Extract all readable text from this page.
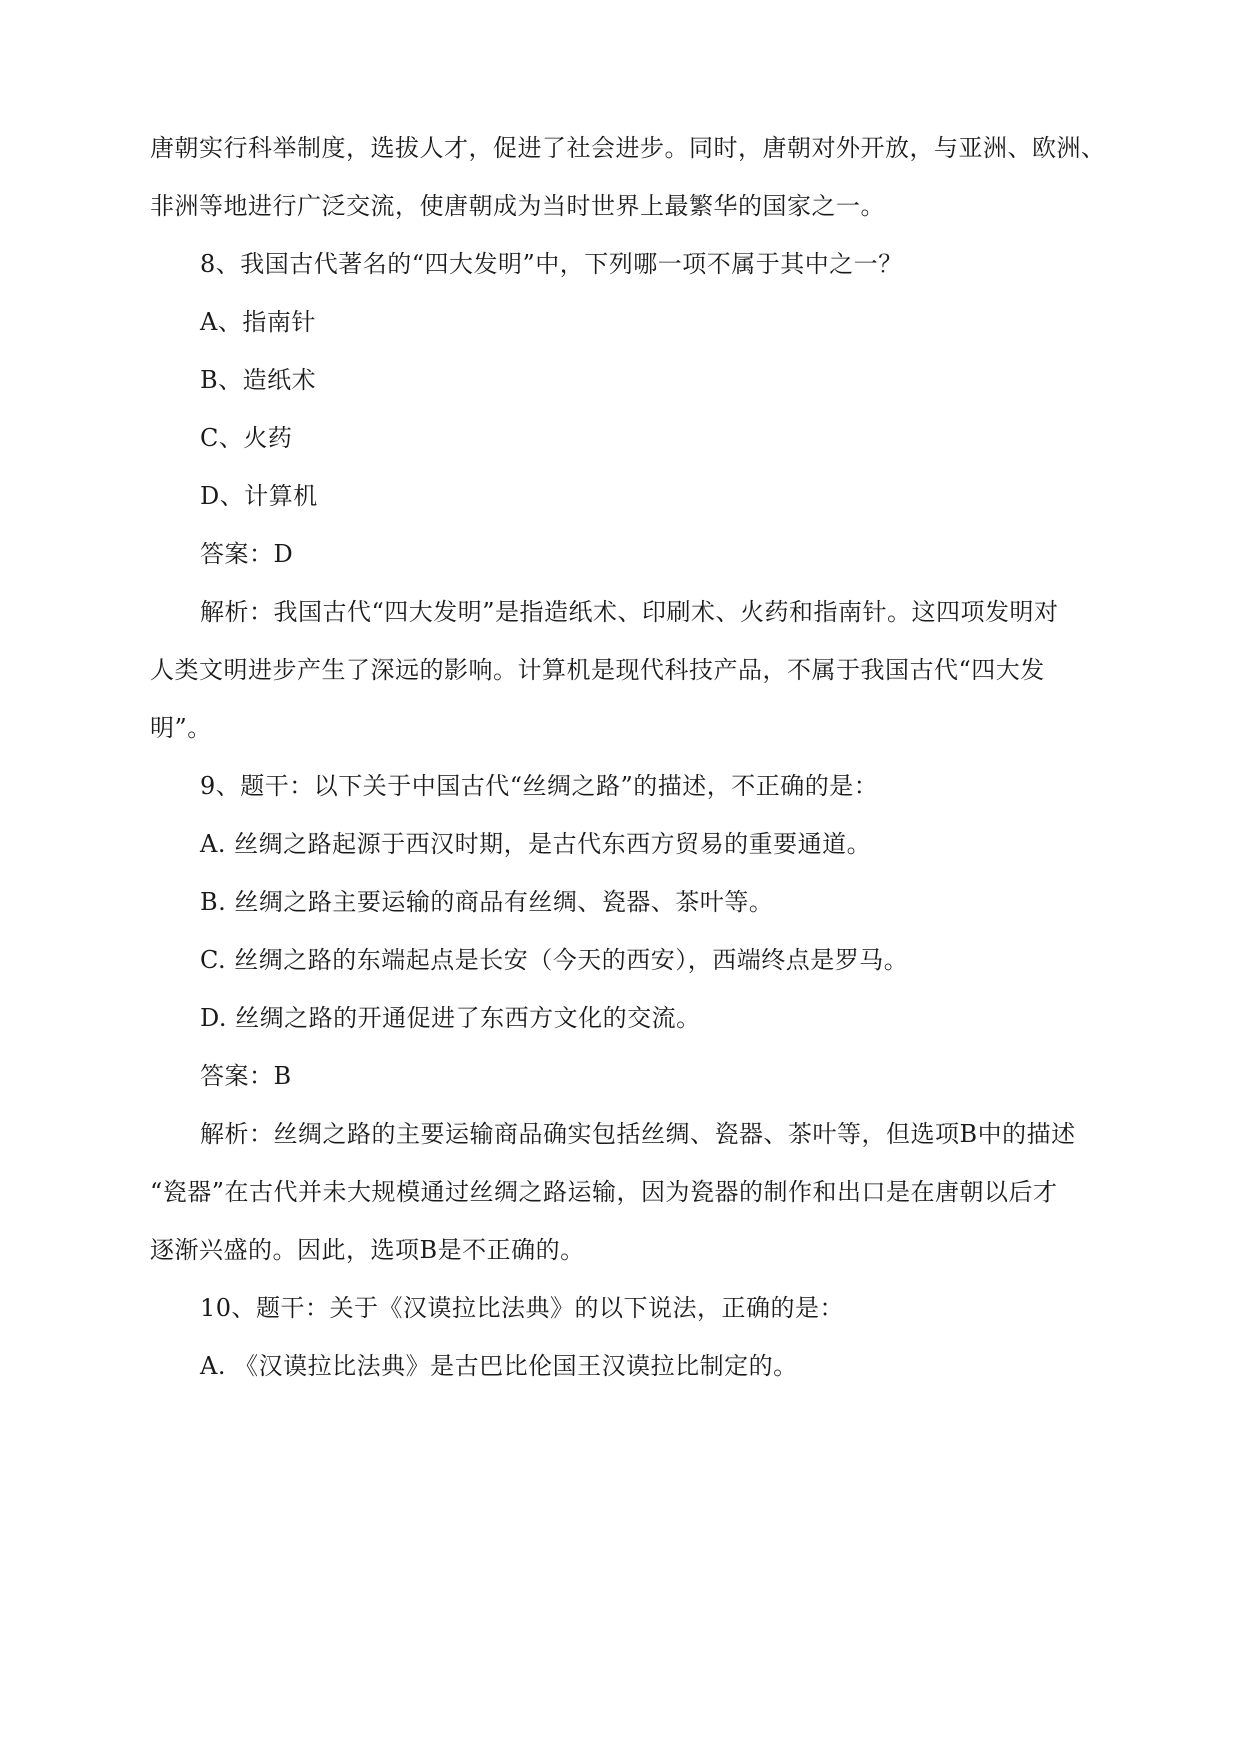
唐朝实行科举制度，选拔人才，促进了社会进步。同时，唐朝对外开放，与亚洲、欧洲、
非洲等地进行广泛交流，使唐朝成为当时世界上最繁华的国家之一。
8、我国古代著名的“四大发明”中，下列哪一项不属于其中之一？
A、指南针
B、造纸术
C、火药
D、计算机
答案：D
解析：我国古代“四大发明”是指造纸术、印刷术、火药和指南针。这四项发明对
人类文明进步产生了深远的影响。计算机是现代科技产品，不属于我国古代“四大发
明”。
9、题干：以下关于中国古代“丝绸之路”的描述，不正确的是：
A. 丝绸之路起源于西汉时期，是古代东西方贸易的重要通道。
B. 丝绸之路主要运输的商品有丝绸、瓷器、茶叶等。
C. 丝绸之路的东端起点是长安（今天的西安），西端终点是罗马。
D. 丝绸之路的开通促进了东西方文化的交流。
答案：B
解析：丝绸之路的主要运输商品确实包括丝绸、瓷器、茶叶等，但选项B中的描述
“瓷器”在古代并未大规模通过丝绸之路运输，因为瓷器的制作和出口是在唐朝以后才
逐渐兴盛的。因此，选项B是不正确的。
10、题干：关于《汉谟拉比法典》的以下说法，正确的是：
A. 《汉谟拉比法典》是古巴比伦国王汉谟拉比制定的。
